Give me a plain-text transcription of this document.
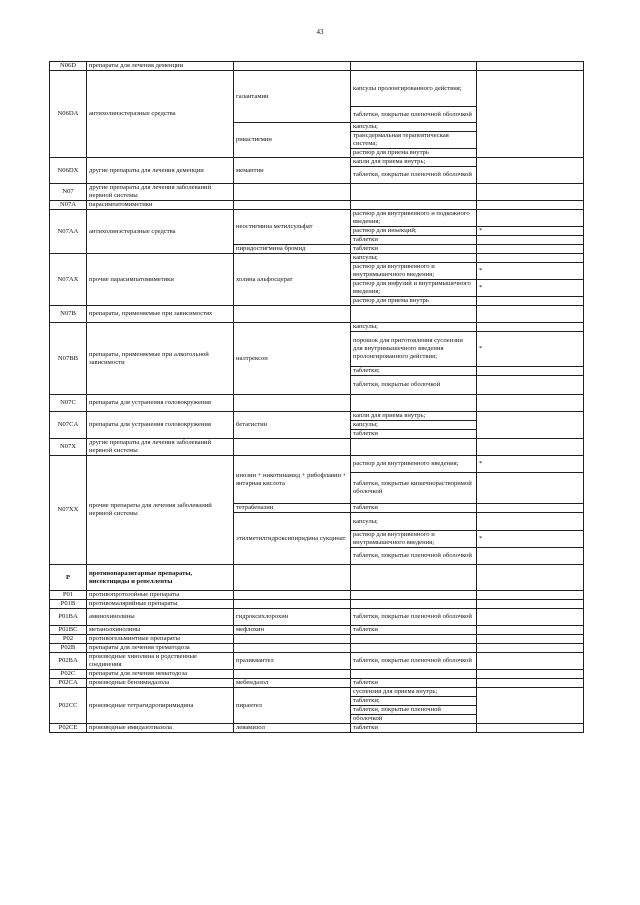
43
N06D	препараты для лечения деменции			
N06DA	антихолинэстеразные средства	галантамин	капсулы пролонгированного действия;	
			таблетки, покрытые пленочной оболочкой	
		ривастигмин	капсулы;	
			трансдермальная терапевтическая система;	
			раствор для приема внутрь	
N06DX	другие препараты для лечения деменции	мемантин	капли для приема внутрь;	
			таблетки, покрытые пленочной оболочкой	
N07	другие препараты для лечения заболеваний нервной системы			
N07A	парасимпатомиметики			
N07AA	антихолинэстеразные средства	неостигмина метилсульфат	раствор для внутривенного и подкожного введения;	
			раствор для инъекций;	*
			таблетки	
		пиридостигмина бромид	таблетки	
N07AX	прочие парасимпатомиметики	холина альфосцерат	капсулы;	
			раствор для внутривенного и внутримышечного введения;	*
			раствор для инфузий и внутримышечного введения;	*
			раствор для приема внутрь	
N07B	препараты, применяемые при зависимостях			
N07BB	препараты, применяемые при алкогольной зависимости	налтрексон	капсулы;	
			порошок для приготовления суспензии для внутримышечного введения пролонгированного действия;	*
			таблетки;	
			таблетки, покрытые оболочкой	
N07C	препараты для устранения головокружения			
N07CA	препараты для устранения головокружения	бетагистин	капли для приема внутрь;	
			капсулы;	
			таблетки	
N07X	другие препараты для лечения заболеваний нервной системы			
N07XX	прочие препараты для лечения заболеваний нервной системы	инозин + никотинамид + рибофлавин + янтарная кислота	раствор для внутривенного введения;	*
			таблетки, покрытые кишечнорастворимой оболочкой	
		тетрабеназин	таблетки	
		этилметилгидроксипиридина сукцинат	капсулы;	
			раствор для внутривенного и внутримышечного введения;	*
			таблетки, покрытые пленочной оболочкой	
P	противопаразитарные препараты, инсектициды и репелленты			
P01	противопротозойные препараты			
P01B	противомалярийные препараты			
P01BA	аминохинолины	гидроксихлорохин	таблетки, покрытые пленочной оболочкой	
P01BC	метанолхинолины	мефлохин	таблетки	
P02	противогельминтные препараты			
P02B	препараты для лечения трематодоза			
P02BA	производные хинолина и родственные соединения	празиквантел	таблетки, покрытые пленочной оболочкой	
P02C	препараты для лечения нематодоза			
P02CA	производные бензимидазола	мебендазол	таблетки	
P02CC	производные тетрагидропиримидина	пирантел	суспензия для приема внутрь;	
			таблетки;	
			таблетки, покрытые пленочной	
			оболочкой	
P02CE	производные имидазотиазола	левамизол	таблетки	
